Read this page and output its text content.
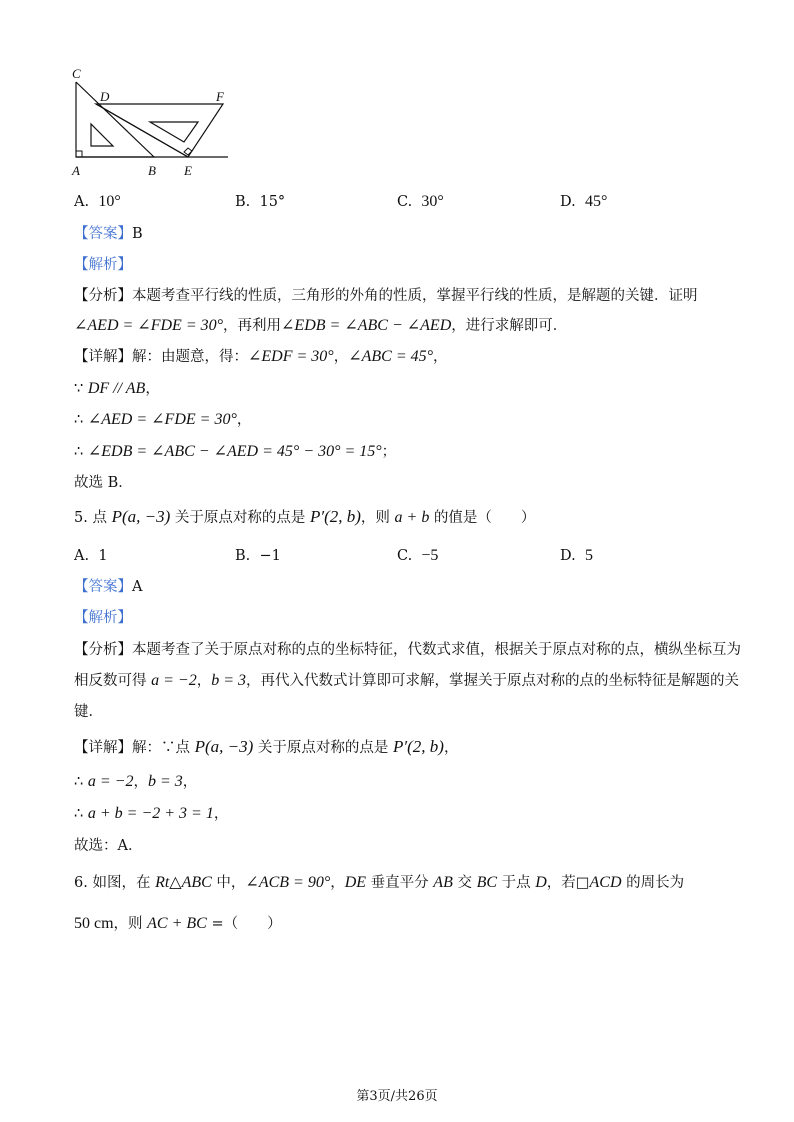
C
D	F
A	B E
A. 10°	B. 15°	C. 30°	D. 45°
【答案】B
【解析】
【分析】本题考查平行线的性质，三角形的外角的性质，掌握平行线的性质，是解题的关键．证明
∠AED = ∠FDE = 30°，再利用∠EDB = ∠ABC − ∠AED，进行求解即可．
【详解】解：由题意，得：∠EDF = 30°，∠ABC = 45°，
∵ DF // AB，
∴ ∠AED = ∠FDE = 30°，
∴ ∠EDB = ∠ABC − ∠AED = 45° − 30° = 15°；
故选 B．
5. 点 P(a, −3) 关于原点对称的点是 P′(2, b)，则 a + b 的值是（　　）
A. 1	B. −1	C. −5	D. 5
【答案】A
【解析】
【分析】本题考查了关于原点对称的点的坐标特征，代数式求值，根据关于原点对称的点，横纵坐标互为
相反数可得 a = −2，b = 3，再代入代数式计算即可求解，掌握关于原点对称的点的坐标特征是解题的关
键．
【详解】解：∵点 P(a, −3) 关于原点对称的点是 P′(2, b)，
∴ a = −2，b = 3，
∴ a + b = −2 + 3 = 1，
故选：A．
6. 如图，在 Rt△ABC 中，∠ACB = 90°，DE 垂直平分 AB 交 BC 于点 D，若□ACD 的周长为
50 cm，则 AC + BC =（　　）
第3页/共26页
